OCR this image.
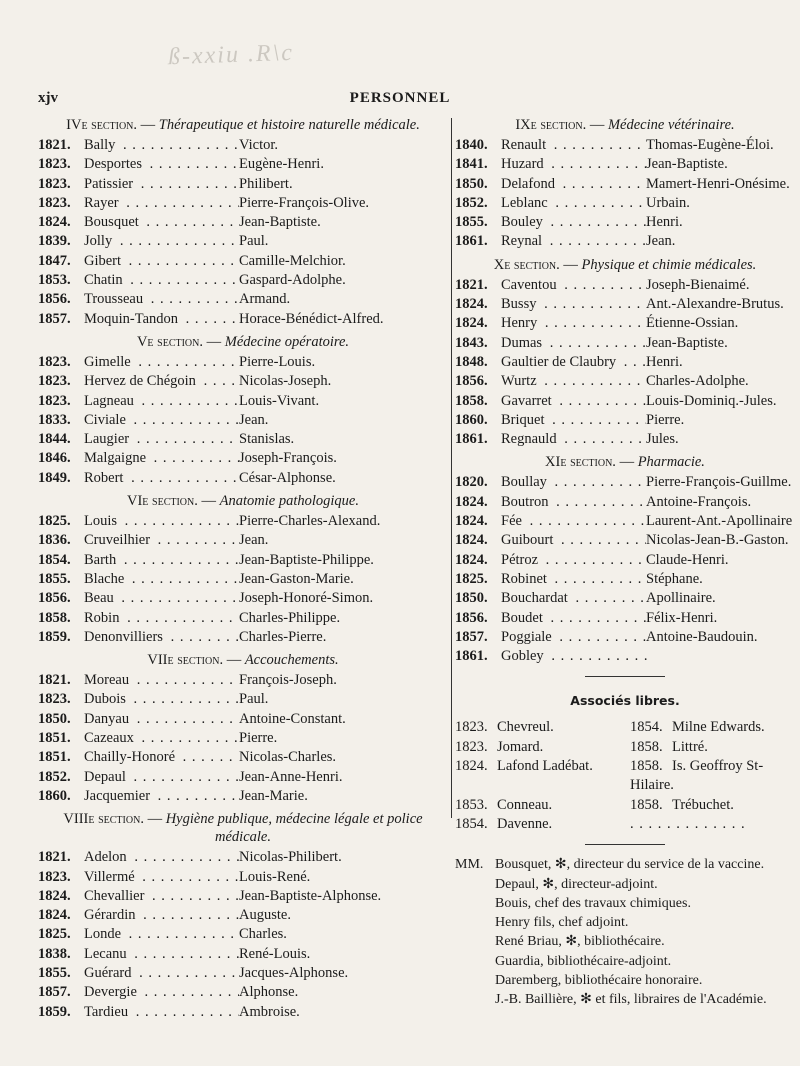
ß-xxiu .R\c
xjv	PERSONNEL
IVe section. — Thérapeutique et histoire naturelle médicale.
1821. Bally . . .	Victor.
1823. Desportes . . .	Eugène-Henri.
1823. Patissier . . .	Philibert.
1823. Rayer . . .	Pierre-François-Olive.
1824. Bousquet . . .	Jean-Baptiste.
1839. Jolly . . .	Paul.
1847. Gibert . . .	Camille-Melchior.
1853. Chatin . . .	Gaspard-Adolphe.
1856. Trousseau . . .	Armand.
1857. Moquin-Tandon . . .	Horace-Bénédict-Alfred.
Ve section. — Médecine opératoire.
1823. Gimelle . . .	Pierre-Louis.
1823. Hervez de Chégoin . . .	Nicolas-Joseph.
1823. Lagneau . . .	Louis-Vivant.
1833. Civiale . . .	Jean.
1844. Laugier . . .	Stanislas.
1846. Malgaigne . . .	Joseph-François.
1849. Robert . . .	César-Alphonse.
VIe section. — Anatomie pathologique.
1825. Louis . . .	Pierre-Charles-Alexand.
1836. Cruveilhier . . .	Jean.
1854. Barth . . .	Jean-Baptiste-Philippe.
1855. Blache . . .	Jean-Gaston-Marie.
1856. Beau . . .	Joseph-Honoré-Simon.
1858. Robin . . .	Charles-Philippe.
1859. Denonvilliers . . .	Charles-Pierre.
VIIe section. — Accouchements.
1821. Moreau . . .	François-Joseph.
1823. Dubois . . .	Paul.
1850. Danyau . . .	Antoine-Constant.
1851. Cazeaux . . .	Pierre.
1851. Chailly-Honoré . . .	Nicolas-Charles.
1852. Depaul . . .	Jean-Anne-Henri.
1860. Jacquemier . . .	Jean-Marie.
VIIIe section. — Hygiène publique, médecine légale et police médicale.
1821. Adelon . . .	Nicolas-Philibert.
1823. Villermé . . .	Louis-René.
1824. Chevallier . . .	Jean-Baptiste-Alphonse.
1824. Gérardin . . .	Auguste.
1825. Londe . . .	Charles.
1838. Lecanu . . .	René-Louis.
1855. Guérard . . .	Jacques-Alphonse.
1857. Devergie . . .	Alphonse.
1859. Tardieu . . .	Ambroise.
IXe section. — Médecine vétérinaire.
1840. Renault . . .	Thomas-Eugène-Éloi.
1841. Huzard . . .	Jean-Baptiste.
1850. Delafond . . .	Mamert-Henri-Onésime.
1852. Leblanc . . .	Urbain.
1855. Bouley . . .	Henri.
1861. Reynal . . .	Jean.
Xe section. — Physique et chimie médicales.
1821. Caventou . . .	Joseph-Bienaimé.
1824. Bussy . . .	Ant.-Alexandre-Brutus.
1824. Henry . . .	Étienne-Ossian.
1843. Dumas . . .	Jean-Baptiste.
1848. Gaultier de Claubry . . .	Henri.
1856. Wurtz . . .	Charles-Adolphe.
1858. Gavarret . . .	Louis-Dominiq.-Jules.
1860. Briquet . . .	Pierre.
1861. Regnauld . . .	Jules.
XIe section. — Pharmacie.
1820. Boullay . . .	Pierre-François-Guillme.
1824. Boutron . . .	Antoine-François.
1824. Fée . . .	Laurent-Ant.-Apollinaire
1824. Guibourt . . .	Nicolas-Jean-B.-Gaston.
1824. Pétroz . . .	Claude-Henri.
1825. Robinet . . .	Stéphane.
1850. Bouchardat . . .	Apollinaire.
1856. Boudet . . .	Félix-Henri.
1857. Poggiale . . .	Antoine-Baudouin.
1861. Gobley . . .
Associés libres.
1823. Chevreul.	1854. Milne Edwards.
1823. Jomard.	1858. Littré.
1824. Lafond Ladébat.	1858. Is. Geoffroy St-Hilaire.
1853. Conneau.	1858. Trébuchet.
1854. Davenne.
. . .
MM. Bousquet, ✻, directeur du service de la vaccine.
Depaul, ✻, directeur-adjoint.
Bouis, chef des travaux chimiques.
Henry fils, chef adjoint.
René Briau, ✻, bibliothécaire.
Guardia, bibliothécaire-adjoint.
Daremberg, bibliothécaire honoraire.
J.-B. Baillière, ✻ et fils, libraires de l'Académie.
